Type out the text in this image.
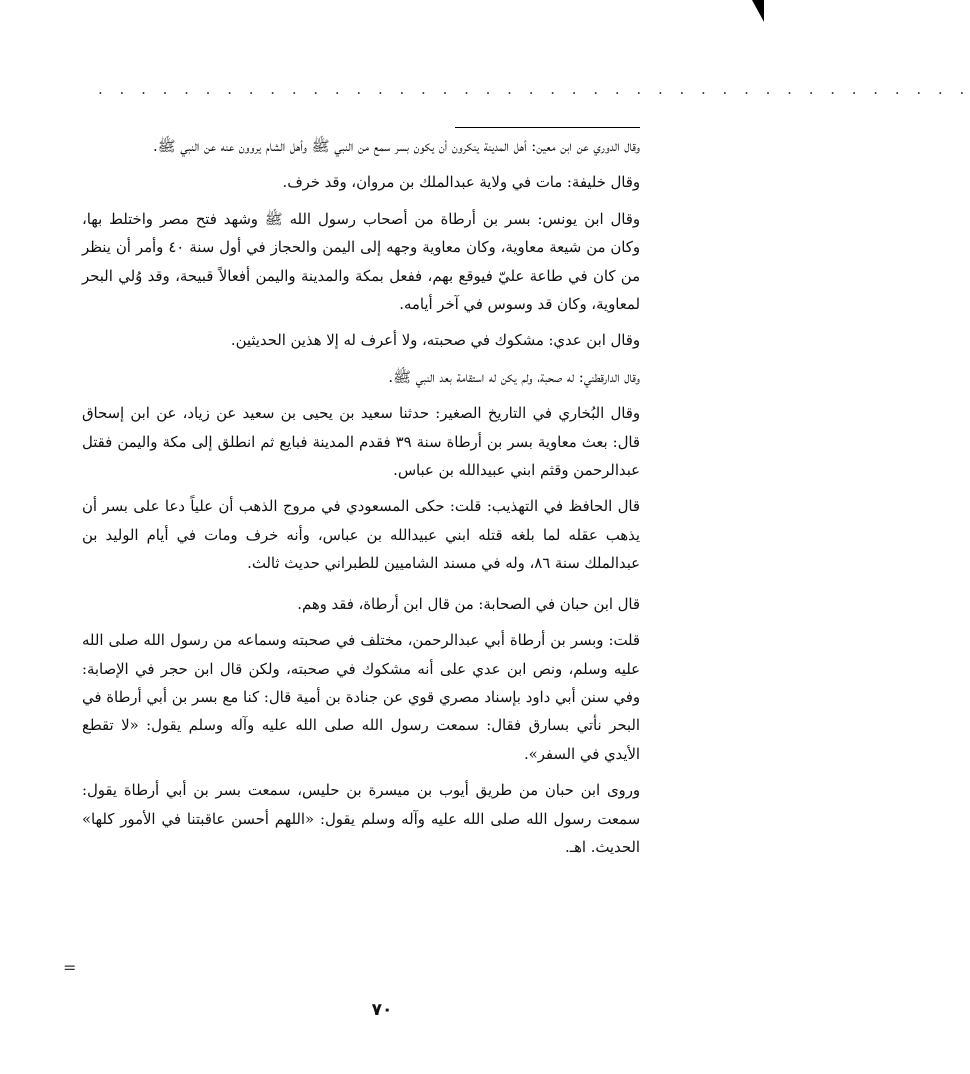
. . . . . . . . . . . . . . . . . . . . . . . . . . . . . . . . . . . . . . . . .
=

وقال الدوري عن ابن معين: أهل المدينة ينكرون أن يكون بسر سمع من النبي ﷺ وأهل الشام يروون عنه عن النبي ﷺ.

وقال خليفة: مات في ولاية عبدالملك بن مروان، وقد خرف.

وقال ابن يونس: بسر بن أرطاة من أصحاب رسول الله ﷺ وشهد فتح مصر واختلط بها، وكان من شيعة معاوية، وكان معاوية وجهه إلى اليمن والحجاز في أول سنة ٤٠ وأمر أن ينظر من كان في طاعة عليّ فيوقع بهم، ففعل بمكة والمدينة واليمن أفعالاً قبيحة، وقد وُلي البحر لمعاوية، وكان قد وسوس في آخر أيامه.

وقال ابن عدي: مشكوك في صحبته، ولا أعرف له إلا هذين الحديثين.

وقال الدارقطني: له صحبة، ولم يكن له استقامة بعد النبي ﷺ.

وقال البُخاري في التاريخ الصغير: حدثنا سعيد بن يحيى بن سعيد عن زياد، عن ابن إسحاق قال: بعث معاوية بسر بن أرطاة سنة ٣٩ فقدم المدينة فبايع ثم انطلق إلى مكة واليمن فقتل عبدالرحمن وقثم ابني عبيدالله بن عباس.

قال الحافظ في التهذيب: قلت: حكى المسعودي في مروج الذهب أن علياً دعا على بسر أن يذهب عقله لما بلغه قتله ابني عبيدالله بن عباس، وأنه خرف ومات في أيام الوليد بن عبدالملك سنة ٨٦، وله في مسند الشاميين للطبراني حديث ثالث.

قال ابن حبان في الصحابة: من قال ابن أرطاة، فقد وهم.

قلت: وبسر بن أرطاة أبي عبدالرحمن، مختلف في صحبته وسماعه من رسول الله صلى الله عليه وسلم، ونص ابن عدي على أنه مشكوك في صحبته، ولكن قال ابن حجر في الإصابة: وفي سنن أبي داود بإسناد مصري قوي عن جنادة بن أمية قال: كنا مع بسر بن أبي أرطاة في البحر نأتي بسارق فقال: سمعت رسول الله صلى الله عليه وآله وسلم يقول: «لا تقطع الأيدي في السفر».

وروى ابن حبان من طريق أيوب بن ميسرة بن حليس، سمعت بسر بن أبي أرطاة يقول: سمعت رسول الله صلى الله عليه وآله وسلم يقول: «اللهم أحسن عاقبتنا في الأمور كلها» الحديث. اهـ.

٧٠
